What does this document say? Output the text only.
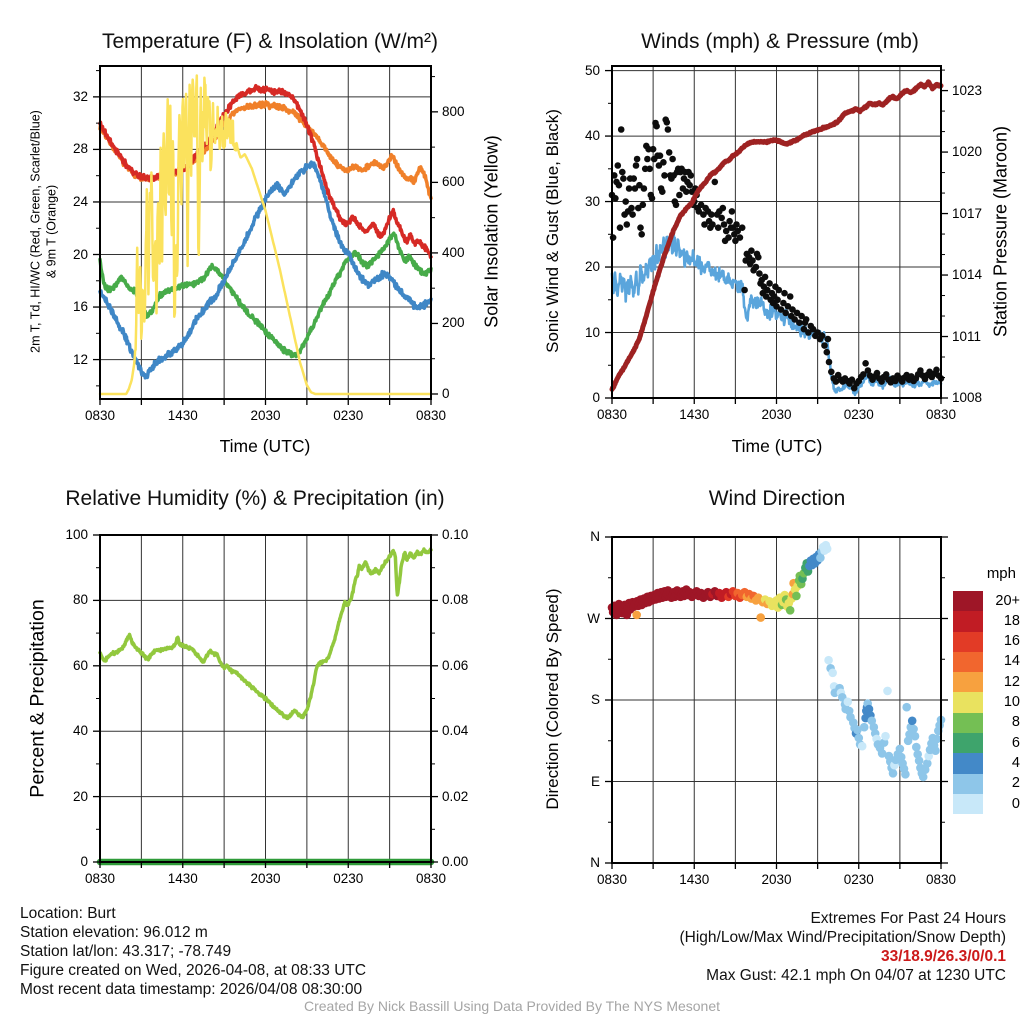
Temperature (F) & Insolation (W/m²)	Winds (mph) & Pressure (mb)
Relative Humidity (%) & Precipitation (in)	Wind Direction
2m T, Td, HI/WC (Red, Green, Scarlet/Blue) & 9m T (Orange)	Solar Insolation (Yellow) Sonic Wind & Gust (Blue, Black)	Station Pressure (Maroon)
Percent & Precipitation	Direction (Colored By Speed)
Time (UTC)	Time (UTC)
mph
Location: Burt
Station elevation: 96.012 m
Station lat/lon: 43.317; -78.749
Figure created on Wed, 2026-04-08, at 08:33 UTC
Most recent data timestamp: 2026/04/08 08:30:00
Extremes For Past 24 Hours
(High/Low/Max Wind/Precipitation/Snow Depth)
33/18.9/26.3/0/0.1
Max Gust: 42.1 mph On 04/07 at 1230 UTC
Created By Nick Bassill Using Data Provided By The NYS Mesonet
0830	1430	2030	0230	0830
12
16
20
24
28
32
0
200
400
600
800
0830	1430	2030	0230	0830
0
10
20
30
40
50
1008
1011
1014
1017
1020
1023
0830	1430	2030	0230	0830
0
20
40
60
80
100
0.00
0.02
0.04
0.06
0.08
0.10
0830	1430	2030	0230	0830
N
W
S
E
N
20+
18
16
14
12
10
8
6
4
2
0
